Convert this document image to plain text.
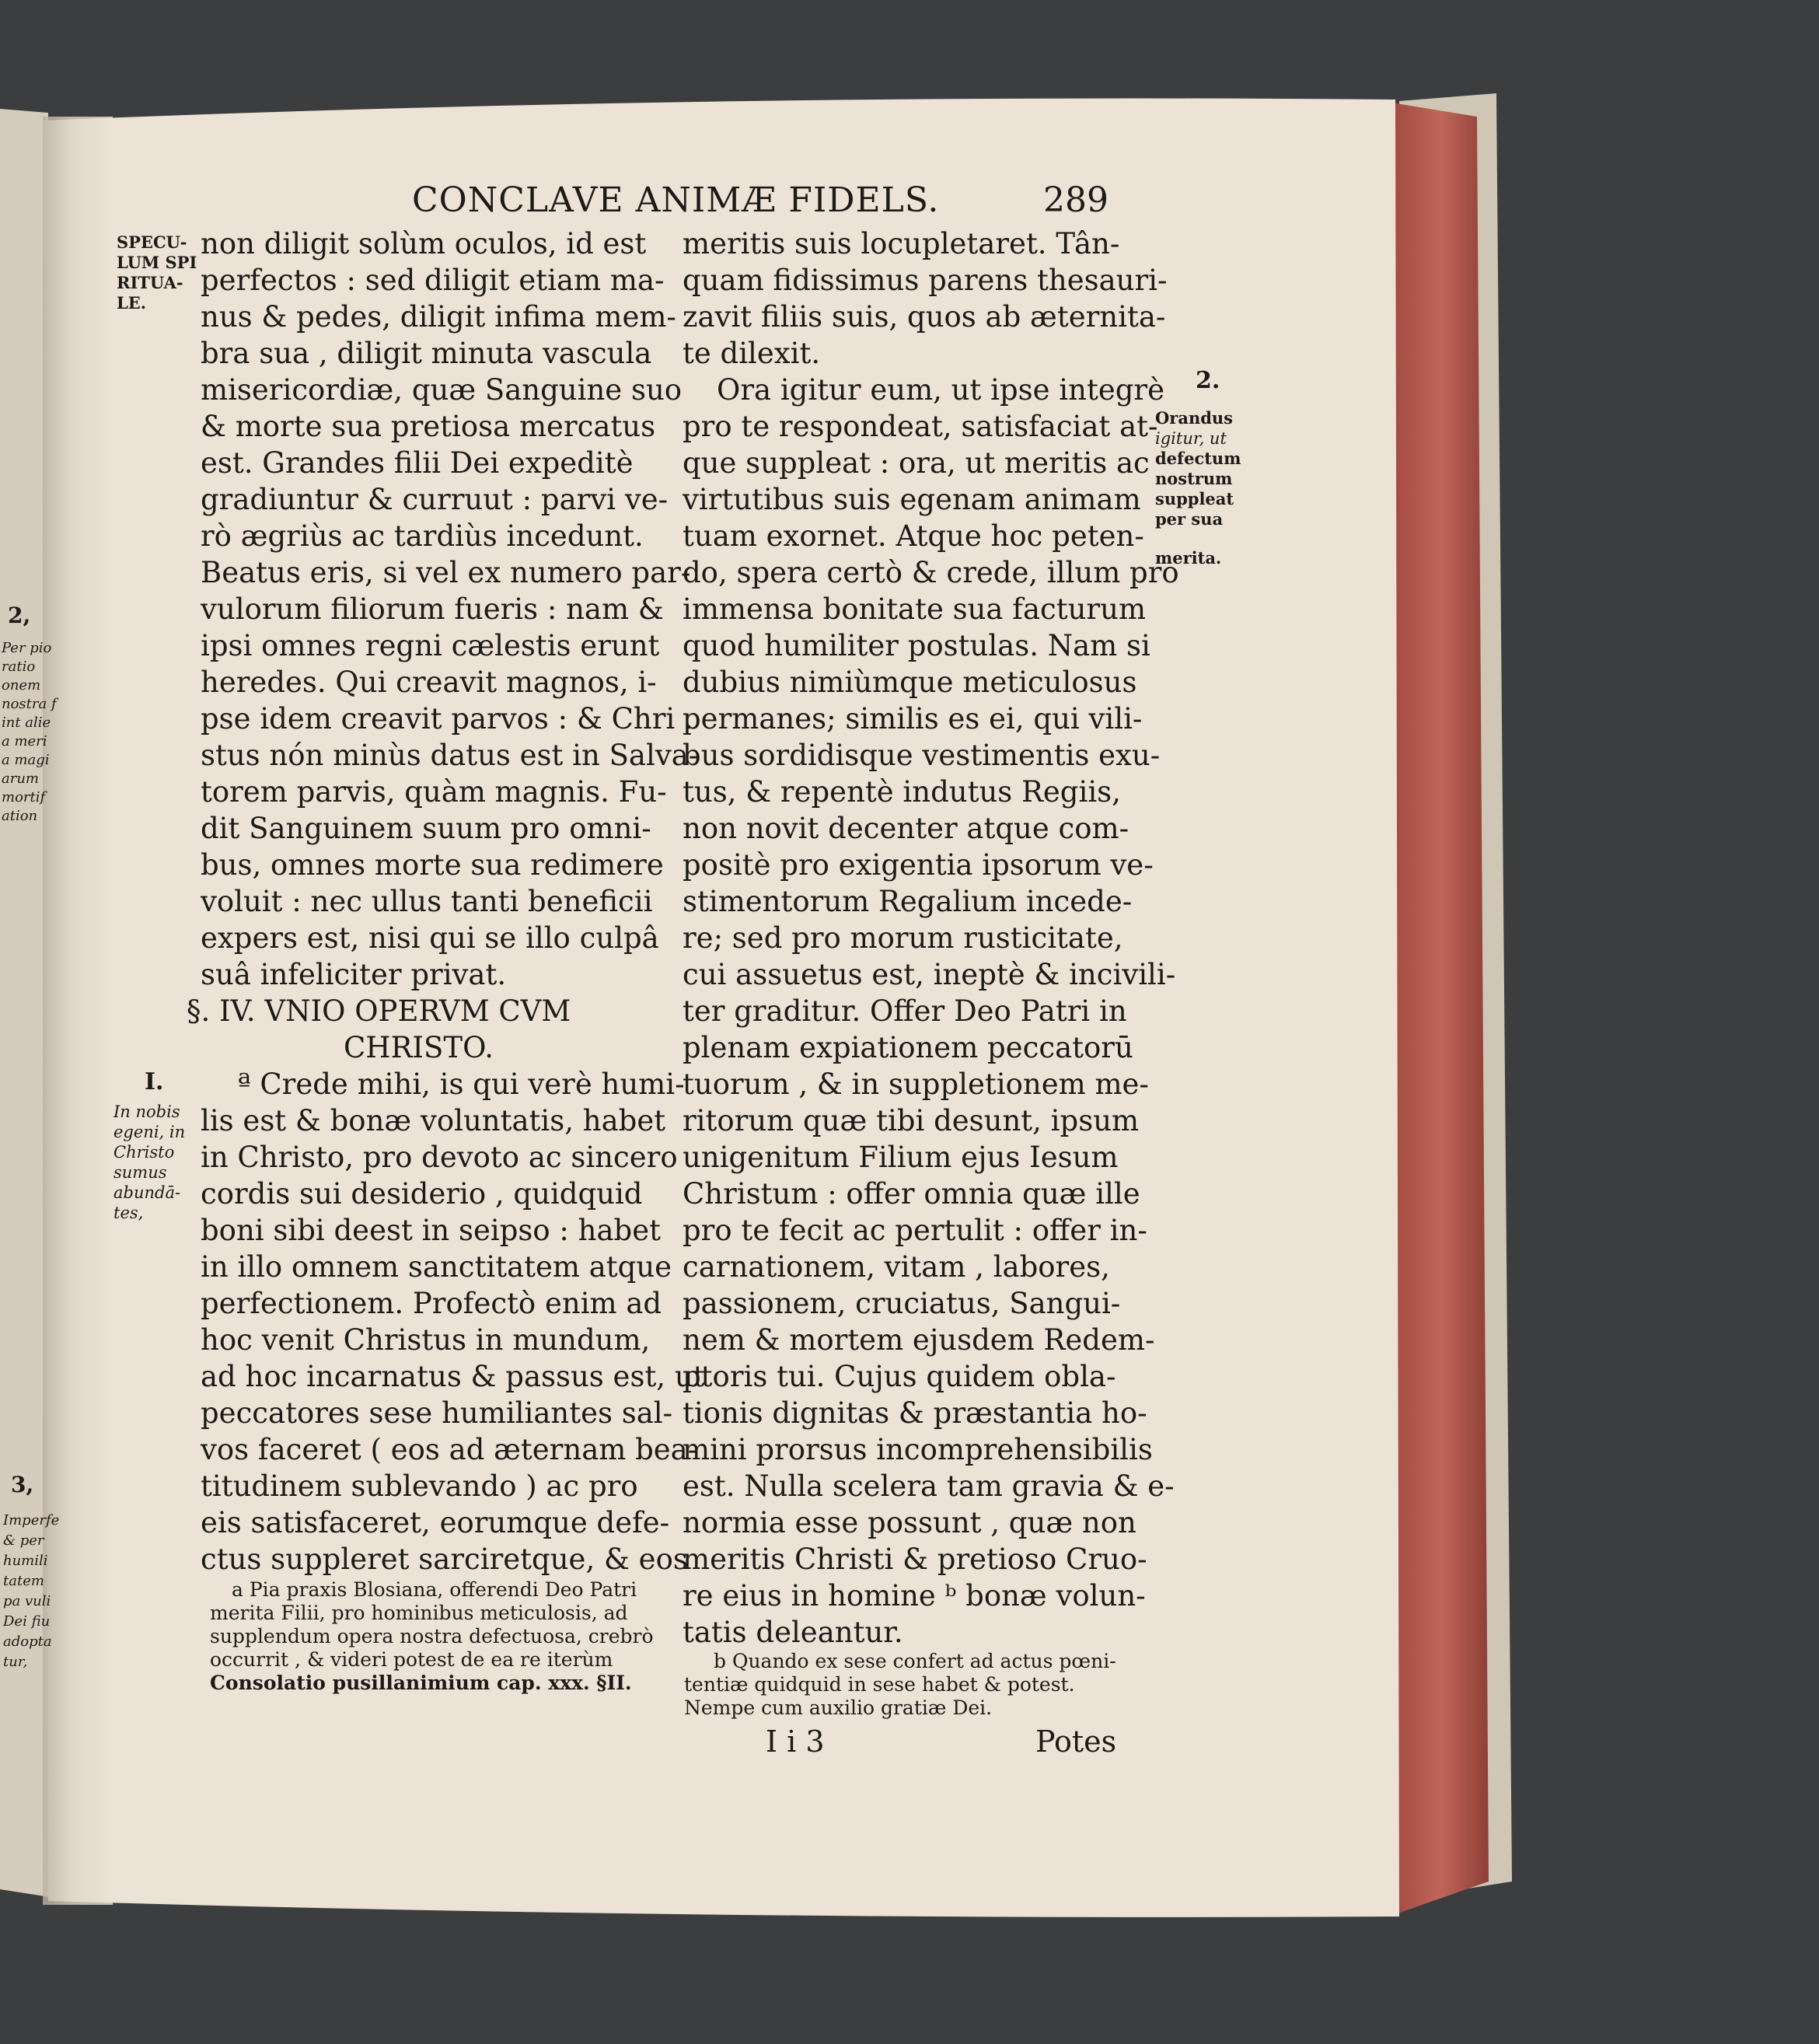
CONCLAVE ANIMÆ FIDELS.	289
non diligit solùm oculos, id est
perfectos : sed diligit etiam ma-
nus & pedes, diligit infima mem-
bra sua , diligit minuta vascula
misericordiæ, quæ Sanguine suo
& morte sua pretiosa mercatus
est. Grandes filii Dei expeditè
gradiuntur & curruut : parvi ve-
rò ægriùs ac tardiùs incedunt.
Beatus eris, si vel ex numero par-
vulorum filiorum fueris : nam &
ipsi omnes regni cælestis erunt
heredes. Qui creavit magnos, i-
pse idem creavit parvos : & Chri .
stus nón minùs datus est in Salva-
torem parvis, quàm magnis. Fu-
dit Sanguinem suum pro omni-
bus, omnes morte sua redimere
voluit : nec ullus tanti beneficii
expers est, nisi qui se illo culpâ
suâ infeliciter privat.
§. IV. VNIO OPERVM CVM
CHRISTO.
ª Crede mihi, is qui verè humi-
lis est & bonæ voluntatis, habet
in Christo, pro devoto ac sincero
cordis sui desiderio , quidquid
boni sibi deest in seipso : habet
in illo omnem sanctitatem atque
perfectionem. Profectò enim ad
hoc venit Christus in mundum,
ad hoc incarnatus & passus est, ut
peccatores sese humiliantes sal-
vos faceret ( eos ad æternam bea-
titudinem sublevando ) ac pro
eis satisfaceret, eorumque defe-
ctus suppleret sarciretque, & eos
a Pia praxis Blosiana, offerendi Deo Patri
merita Filii, pro hominibus meticulosis, ad
supplendum opera nostra defectuosa, crebrò
occurrit , & videri potest de ea re iterùm
Consolatio pusillanimium cap. xxx. §II.
meritis suis locupletaret. Tân-
quam fidissimus parens thesauri-
zavit filiis suis, quos ab æternita-
te dilexit.
Ora igitur eum, ut ipse integrè
pro te respondeat, satisfaciat at-
que suppleat : ora, ut meritis ac
virtutibus suis egenam animam
tuam exornet. Atque hoc peten-
do, spera certò & crede, illum pro
immensa bonitate sua facturum
quod humiliter postulas. Nam si
dubius nimiùmque meticulosus
permanes; similis es ei, qui vili-
bus sordidisque vestimentis exu-
tus, & repentè indutus Regiis,
non novit decenter atque com-
positè pro exigentia ipsorum ve-
stimentorum Regalium incede-
re; sed pro morum rusticitate,
cui assuetus est, ineptè & incivili-
ter graditur. Offer Deo Patri in
plenam expiationem peccatorū
tuorum , & in suppletionem me-
ritorum quæ tibi desunt, ipsum
unigenitum Filium ejus Iesum
Christum : offer omnia quæ ille
pro te fecit ac pertulit : offer in-
carnationem, vitam , labores,
passionem, cruciatus, Sangui-
nem & mortem ejusdem Redem-
ptoris tui. Cujus quidem obla-
tionis dignitas & præstantia ho-
mini prorsus incomprehensibilis
est. Nulla scelera tam gravia & e-
normia esse possunt , quæ non
meritis Christi & pretioso Cruo-
re eius in homine ᵇ bonæ volun-
tatis deleantur.
b Quando ex sese confert ad actus pœni-
tentiæ quidquid in sese habet & potest.
Nempe cum auxilio gratiæ Dei.
I i 3	Potes
SPECU-
LUM SPI
RITUA-
LE.
I.
In nobis
egeni, in
Christo
sumus
abundā-
tes,
2.
Orandus
igitur, ut
defectum
nostrum
suppleat
per sua
merita.
2,
Per pio
ratio
onem
nostra f
int alie
a meri
a magi
arum
mortif
ation
3,
Imperfe
& per
humili
tatem
pa vuli
Dei fiu
adopta
tur,
